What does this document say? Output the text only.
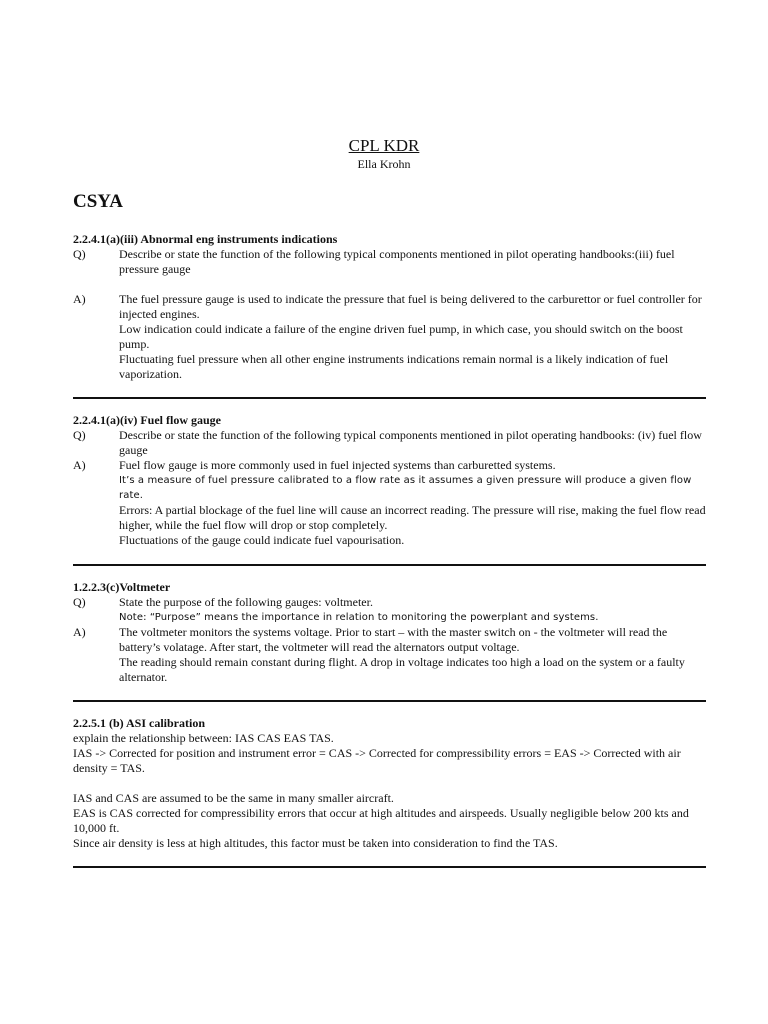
CPL KDR
Ella Krohn
CSYA
2.2.4.1(a)(iii) Abnormal eng instruments indications
Q)	Describe or state the function of the following typical components mentioned in pilot operating handbooks:(iii) fuel pressure gauge
A)	The fuel pressure gauge is used to indicate the pressure that fuel is being delivered to the carburettor or fuel controller for injected engines.
Low indication could indicate a failure of the engine driven fuel pump, in which case, you should switch on the boost pump.
Fluctuating fuel pressure when all other engine instruments indications remain normal is a likely indication of fuel vaporization.
2.2.4.1(a)(iv) Fuel flow gauge
Q)	Describe or state the function of the following typical components mentioned in pilot operating handbooks: (iv) fuel flow gauge
A)	Fuel flow gauge is more commonly used in fuel injected systems than carburetted systems.
It’s a measure of fuel pressure calibrated to a flow rate as it assumes a given pressure will produce a given flow rate.
Errors: A partial blockage of the fuel line will cause an incorrect reading. The pressure will rise, making the fuel flow read higher, while the fuel flow will drop or stop completely.
Fluctuations of the gauge could indicate fuel vapourisation.
1.2.2.3(c)Voltmeter
Q)	State the purpose of the following gauges: voltmeter.
Note: “Purpose” means the importance in relation to monitoring the powerplant and systems.
A)	The voltmeter monitors the systems voltage. Prior to start – with the master switch on - the voltmeter will read the battery’s volatage. After start, the voltmeter will read the alternators output voltage.
The reading should remain constant during flight. A drop in voltage indicates too high a load on the system or a faulty alternator.
2.2.5.1 (b) ASI calibration
explain the relationship between: IAS CAS EAS TAS.
IAS -> Corrected for position and instrument error = CAS -> Corrected for compressibility errors = EAS -> Corrected with air density = TAS.
IAS and CAS are assumed to be the same in many smaller aircraft.
EAS is CAS corrected for compressibility errors that occur at high altitudes and airspeeds. Usually negligible below 200 kts and 10,000 ft.
Since air density is less at high altitudes, this factor must be taken into consideration to find the TAS.
